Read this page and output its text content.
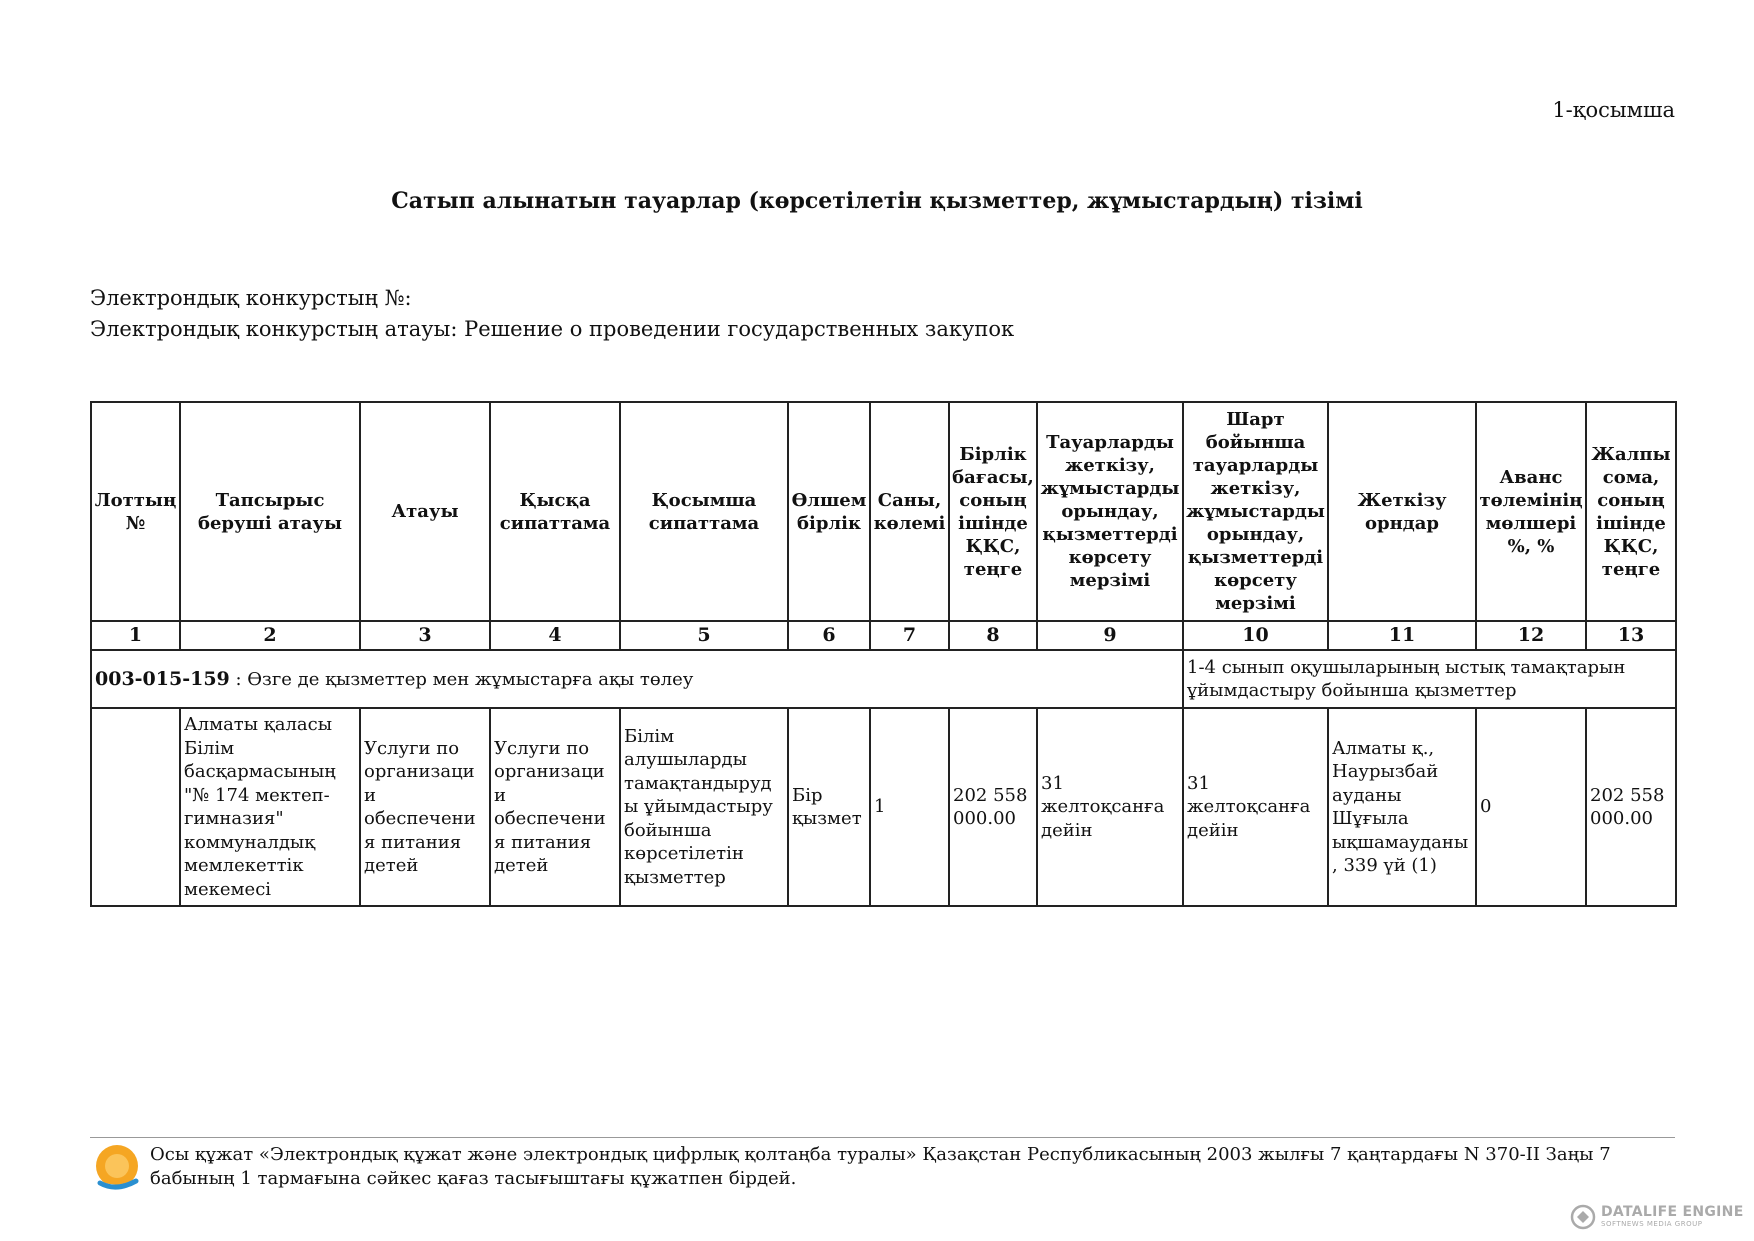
1-қосымша
Сатып алынатын тауарлар (көрсетілетін қызметтер, жұмыстардың) тізімі
Электрондық конкурстың №:
Электрондық конкурстың атауы: Решение о проведении государственных закупок
Лоттың №	Тапсырыс беруші атауы	Атауы	Қысқа сипаттама	Қосымша сипаттама	Өлшем бірлік	Саны, көлемі	Бірлік бағасы, соның ішінде ҚҚС, теңге	Тауарларды жеткізу, жұмыстарды орындау, қызметтерді көрсету мерзімі	Шарт бойынша тауарларды жеткізу, жұмыстарды орындау, қызметтерді көрсету мерзімі	Жеткізу орндар	Аванс төлемінің мөлшері %, %	Жалпы сома, соның ішінде ҚҚС, теңге	
1	2	3	4	5	6	7	8	9	10	11	12	13	
003-015-159 : Өзге де қызметтер мен жұмыстарға ақы төлеу									1-4 сынып оқушыларының ыстық тамақтарын ұйымдастыру бойынша қызметтер				
	Алматы қаласы Білім басқармасының "№ 174 мектеп-гимназия" коммуналдық мемлекеттік мекемесі	Услуги по организации обеспечения питания детей	Услуги по организации обеспечения питания детей	Білім алушыларды тамақтандыруды ұйымдастыру бойынша көрсетілетін қызметтер	Бір қызмет	1	202 558 000.00	31 желтоқсанға дейін	31 желтоқсанға дейін	Алматы қ., Наурызбай ауданы Шұғыла ықшамауданы, 339 үй (1)	0	202 558 000.00	
Осы құжат «Электрондық құжат және электрондық цифрлық қолтаңба туралы» Қазақстан Республикасының 2003 жылғы 7 қаңтардағы N 370-II Заңы 7 бабының 1 тармағына сәйкес қағаз тасығыштағы құжатпен бірдей.
DATALIFE ENGINE
SOFTNEWS MEDIA GROUP
